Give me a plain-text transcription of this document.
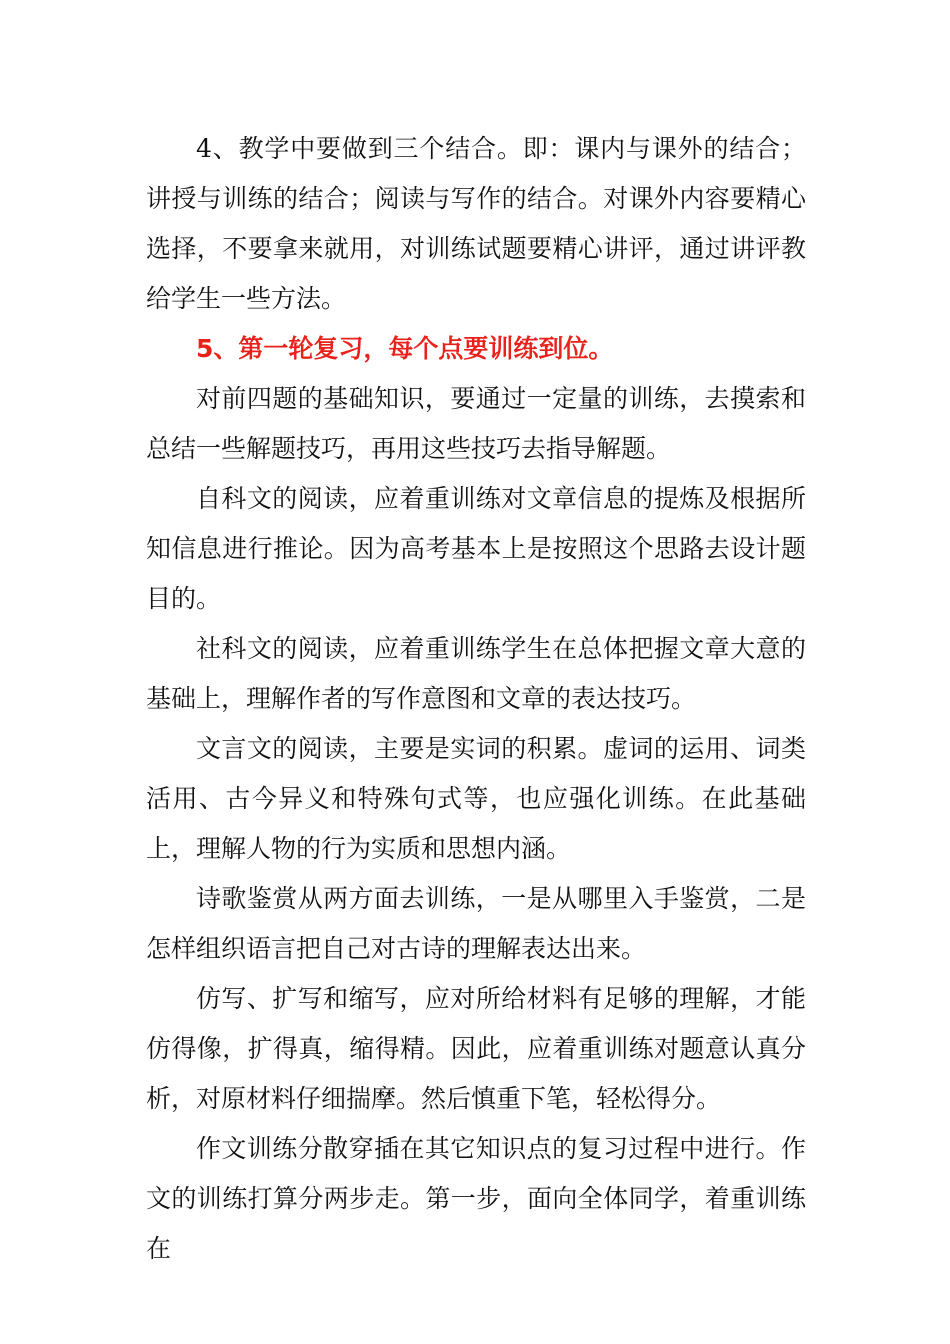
4、教学中要做到三个结合。即：课内与课外的结合；讲授与训练的结合；阅读与写作的结合。对课外内容要精心选择，不要拿来就用，对训练试题要精心讲评，通过讲评教给学生一些方法。

5、第一轮复习，每个点要训练到位。

对前四题的基础知识，要通过一定量的训练，去摸索和总结一些解题技巧，再用这些技巧去指导解题。

自科文的阅读，应着重训练对文章信息的提炼及根据所知信息进行推论。因为高考基本上是按照这个思路去设计题目的。

社科文的阅读，应着重训练学生在总体把握文章大意的基础上，理解作者的写作意图和文章的表达技巧。

文言文的阅读，主要是实词的积累。虚词的运用、词类活用、古今异义和特殊句式等，也应强化训练。在此基础上，理解人物的行为实质和思想内涵。

诗歌鉴赏从两方面去训练，一是从哪里入手鉴赏，二是怎样组织语言把自己对古诗的理解表达出来。

仿写、扩写和缩写，应对所给材料有足够的理解，才能仿得像，扩得真，缩得精。因此，应着重训练对题意认真分析，对原材料仔细揣摩。然后慎重下笔，轻松得分。

作文训练分散穿插在其它知识点的复习过程中进行。作文的训练打算分两步走。第一步，面向全体同学，着重训练在
